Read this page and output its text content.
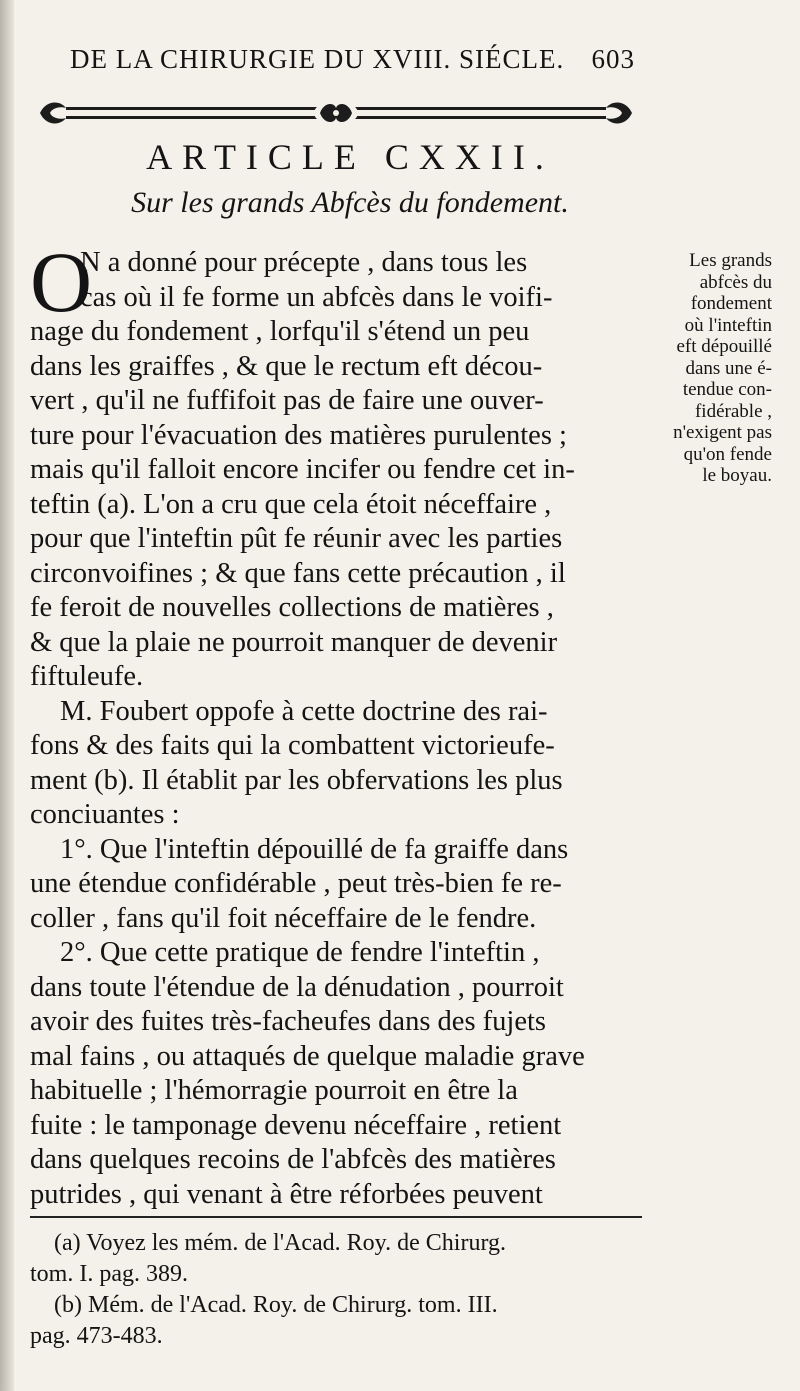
DE LA CHIRURGIE DU XVIII. SIÉCLE. 603
ARTICLE CXXII.
Sur les grands Abfcès du fondement.
O
N a donné pour précepte , dans tous les
cas où il fe forme un abfcès dans le voifi-
nage du fondement , lorfqu'il s'étend un peu
dans les graiffes , & que le rectum eft décou-
vert , qu'il ne fuffifoit pas de faire une ouver-
ture pour l'évacuation des matières purulentes ;
mais qu'il falloit encore incifer ou fendre cet in-
teftin (a). L'on a cru que cela étoit néceffaire ,
pour que l'inteftin pût fe réunir avec les parties
circonvoifines ; & que fans cette précaution , il
fe feroit de nouvelles collections de matières ,
& que la plaie ne pourroit manquer de devenir
fiftuleufe.
M. Foubert oppofe à cette doctrine des rai-
fons & des faits qui la combattent victorieufe-
ment (b). Il établit par les obfervations les plus
conciuantes :
1°. Que l'inteftin dépouillé de fa graiffe dans
une étendue confidérable , peut très-bien fe re-
coller , fans qu'il foit néceffaire de le fendre.
2°. Que cette pratique de fendre l'inteftin ,
dans toute l'étendue de la dénudation , pourroit
avoir des fuites très-facheufes dans des fujets
mal fains , ou attaqués de quelque maladie grave
habituelle ; l'hémorragie pourroit en être la
fuite : le tamponage devenu néceffaire , retient
dans quelques recoins de l'abfcès des matières
putrides , qui venant à être réforbées peuvent
Les grands
abfcès du
fondement
où l'inteftin
eft dépouillé
dans une é-
tendue con-
fidérable ,
n'exigent pas
qu'on fende
le boyau.
(a) Voyez les mém. de l'Acad. Roy. de Chirurg.
tom. I. pag. 389.
(b) Mém. de l'Acad. Roy. de Chirurg. tom. III.
pag. 473-483.
